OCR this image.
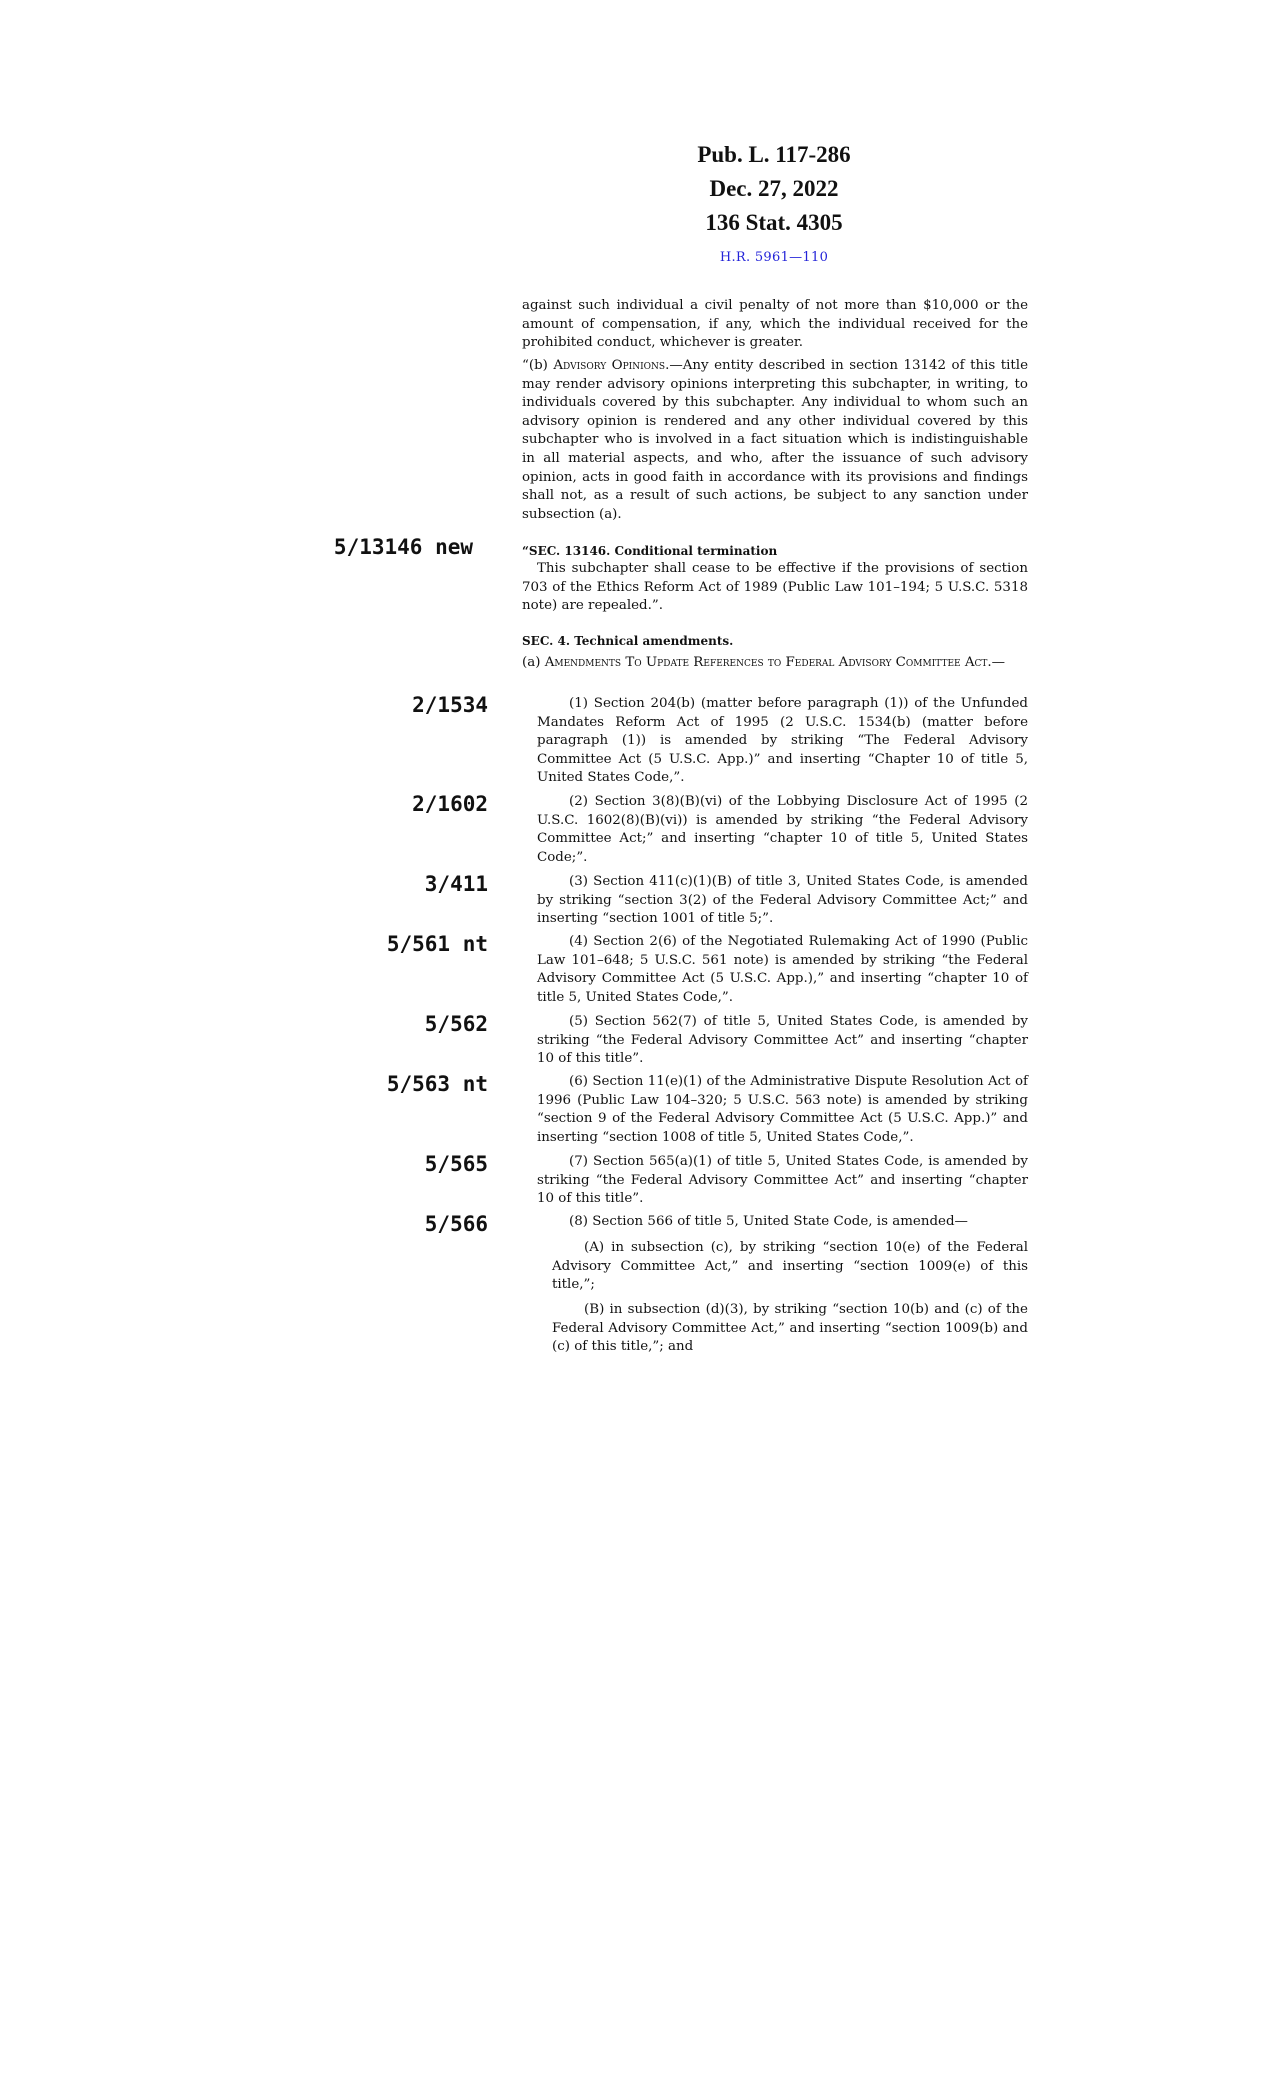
Pub. L. 117-286
Dec. 27, 2022
136 Stat. 4305
H.R. 5961—110
5/13146 new
2/1534
2/1602
3/411
5/561 nt
5/562
5/563 nt
5/565
5/566

against such individual a civil penalty of not more than $10,000 or the amount of compensation, if any, which the individual received for the prohibited conduct, whichever is greater.

“(b) Advisory Opinions.—Any entity described in section 13142 of this title may render advisory opinions interpreting this subchapter, in writing, to individuals covered by this subchapter. Any individual to whom such an advisory opinion is rendered and any other individual covered by this subchapter who is involved in a fact situation which is indistinguishable in all material aspects, and who, after the issuance of such advisory opinion, acts in good faith in accordance with its provisions and findings shall not, as a result of such actions, be subject to any sanction under subsection (a).

“SEC. 13146. Conditional termination

This subchapter shall cease to be effective if the provisions of section 703 of the Ethics Reform Act of 1989 (Public Law 101–194; 5 U.S.C. 5318 note) are repealed.”.

SEC. 4. Technical amendments.

(a) Amendments To Update References to Federal Advisory Committee Act.—

(1) Section 204(b) (matter before paragraph (1)) of the Unfunded Mandates Reform Act of 1995 (2 U.S.C. 1534(b) (matter before paragraph (1)) is amended by striking “The Federal Advisory Committee Act (5 U.S.C. App.)” and inserting “Chapter 10 of title 5, United States Code,”.

(2) Section 3(8)(B)(vi) of the Lobbying Disclosure Act of 1995 (2 U.S.C. 1602(8)(B)(vi)) is amended by striking “the Federal Advisory Committee Act;” and inserting “chapter 10 of title 5, United States Code;”.

(3) Section 411(c)(1)(B) of title 3, United States Code, is amended by striking “section 3(2) of the Federal Advisory Committee Act;” and inserting “section 1001 of title 5;”.

(4) Section 2(6) of the Negotiated Rulemaking Act of 1990 (Public Law 101–648; 5 U.S.C. 561 note) is amended by striking “the Federal Advisory Committee Act (5 U.S.C. App.),” and inserting “chapter 10 of title 5, United States Code,”.

(5) Section 562(7) of title 5, United States Code, is amended by striking “the Federal Advisory Committee Act” and inserting “chapter 10 of this title”.

(6) Section 11(e)(1) of the Administrative Dispute Resolution Act of 1996 (Public Law 104–320; 5 U.S.C. 563 note) is amended by striking “section 9 of the Federal Advisory Committee Act (5 U.S.C. App.)” and inserting “section 1008 of title 5, United States Code,”.

(7) Section 565(a)(1) of title 5, United States Code, is amended by striking “the Federal Advisory Committee Act” and inserting “chapter 10 of this title”.

(8) Section 566 of title 5, United State Code, is amended—

(A) in subsection (c), by striking “section 10(e) of the Federal Advisory Committee Act,” and inserting “section 1009(e) of this title,”;

(B) in subsection (d)(3), by striking “section 10(b) and (c) of the Federal Advisory Committee Act,” and inserting “section 1009(b) and (c) of this title,”; and
